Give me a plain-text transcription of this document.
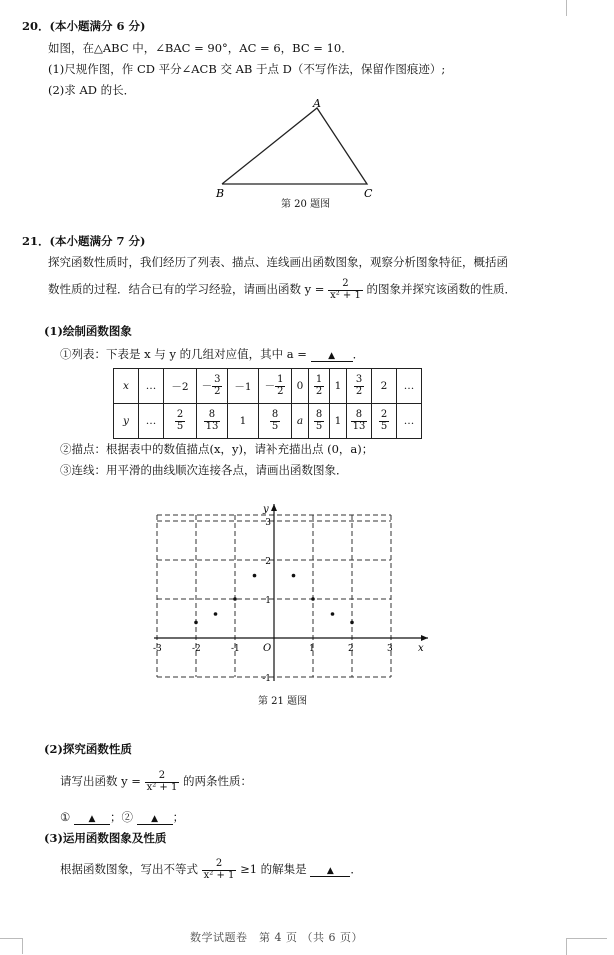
20．(本小题满分 6 分)
如图，在△ABC 中，∠BAC = 90°，AC = 6，BC = 10．
(1)尺规作图，作 CD 平分∠ACB 交 AB 于点 D（不写作法，保留作图痕迹）;
(2)求 AD 的长．
A
B	C
第 20 题图
21．(本小题满分 7 分)
探究函数性质时，我们经历了列表、描点、连线画出函数图象，观察分析图象特征，概括函
数性质的过程．结合已有的学习经验，请画出函数 $y = \frac{2}{\text{x² + 1}}$ 的图象并探究该函数的性质．
(1)绘制函数图象
①列表：下表是 x 与 y 的几组对应值，其中 a = ▲ ．
x	…	－2	－ $\frac{3}{2}$	－1	－ $\frac{1}{2}$	0	$\frac{1}{2}$	1	$\frac{3}{2}$	2	…
y	…	$\frac{2}{5}$	$\frac{8}{13}$	1	$\frac{8}{5}$	a	$\frac{8}{5}$	1	$\frac{8}{13}$	$\frac{2}{5}$	…
②描点：根据表中的数值描点(x，y)，请补充描出点 (0，a)；
③连线：用平滑的曲线顺次连接各点，请画出函数图象．
x
y
O
-3	-2	-1	1	2	3
3
2
1
-1
第 21 题图
(2)探究函数性质
请写出函数 $y = \frac{2}{\text{x² + 1}}$ 的两条性质：
① ▲ ；② ▲ ；
(3)运用函数图象及性质
根据函数图象，写出不等式 $\frac{2}{\text{x² + 1}} \ge 1$ 的解集是 ▲ ．
数学试题卷　第 4 页 （共 6 页）
